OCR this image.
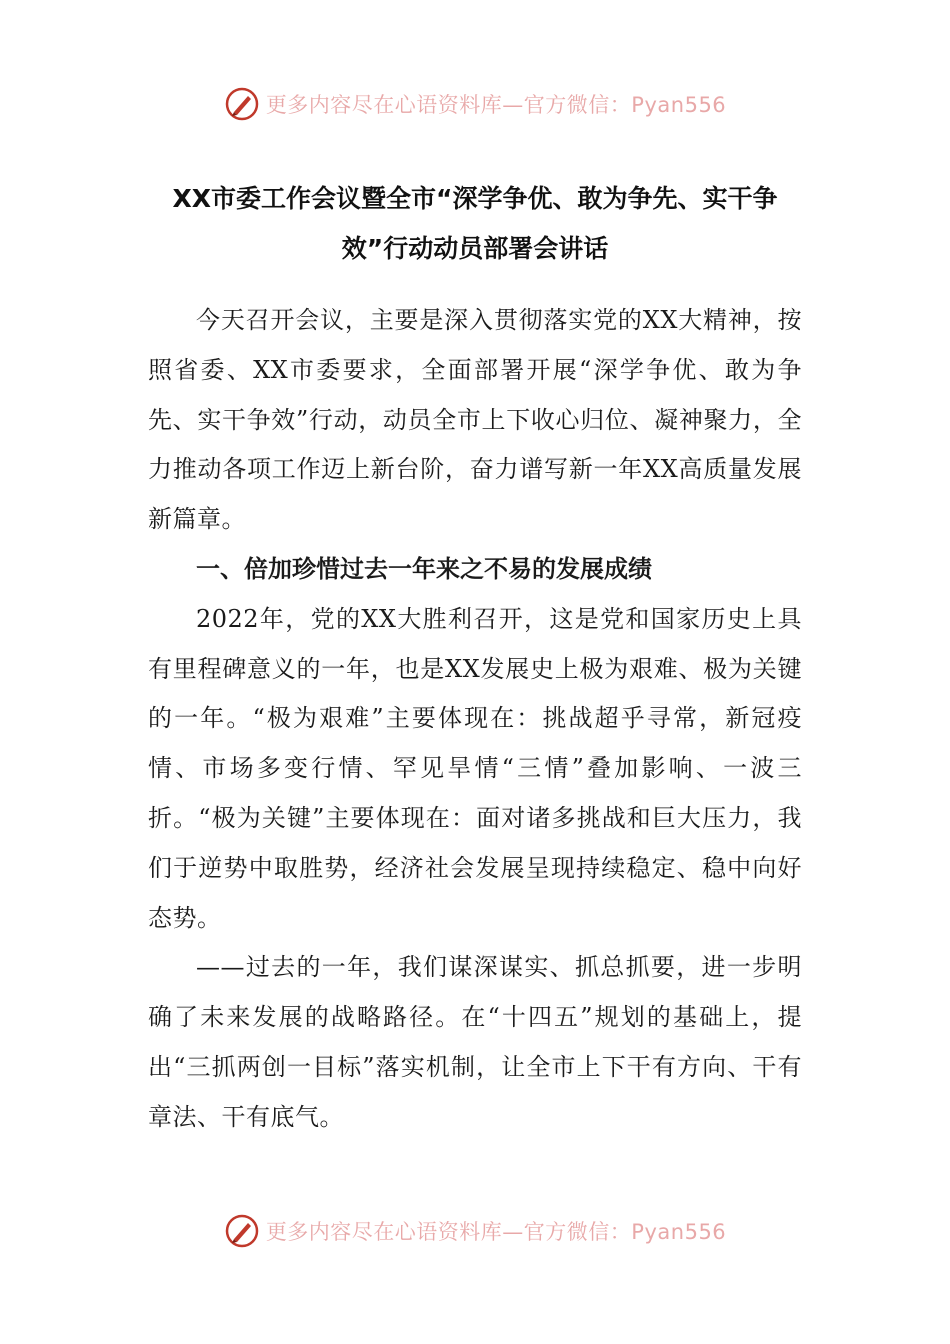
更多内容尽在心语资料库—官方微信：Pyan556
XX市委工作会议暨全市“深学争优、敢为争先、实干争效”行动动员部署会讲话

今天召开会议，主要是深入贯彻落实党的XX大精神，按照省委、XX市委要求，全面部署开展“深学争优、敢为争先、实干争效”行动，动员全市上下收心归位、凝神聚力，全力推动各项工作迈上新台阶，奋力谱写新一年XX高质量发展新篇章。

一、倍加珍惜过去一年来之不易的发展成绩

2022年，党的XX大胜利召开，这是党和国家历史上具有里程碑意义的一年，也是XX发展史上极为艰难、极为关键的一年。“极为艰难”主要体现在：挑战超乎寻常，新冠疫情、市场多变行情、罕见旱情“三情”叠加影响、一波三折。“极为关键”主要体现在：面对诸多挑战和巨大压力，我们于逆势中取胜势，经济社会发展呈现持续稳定、稳中向好态势。

——过去的一年，我们谋深谋实、抓总抓要，进一步明确了未来发展的战略路径。在“十四五”规划的基础上，提出“三抓两创一目标”落实机制，让全市上下干有方向、干有章法、干有底气。

更多内容尽在心语资料库—官方微信：Pyan556
